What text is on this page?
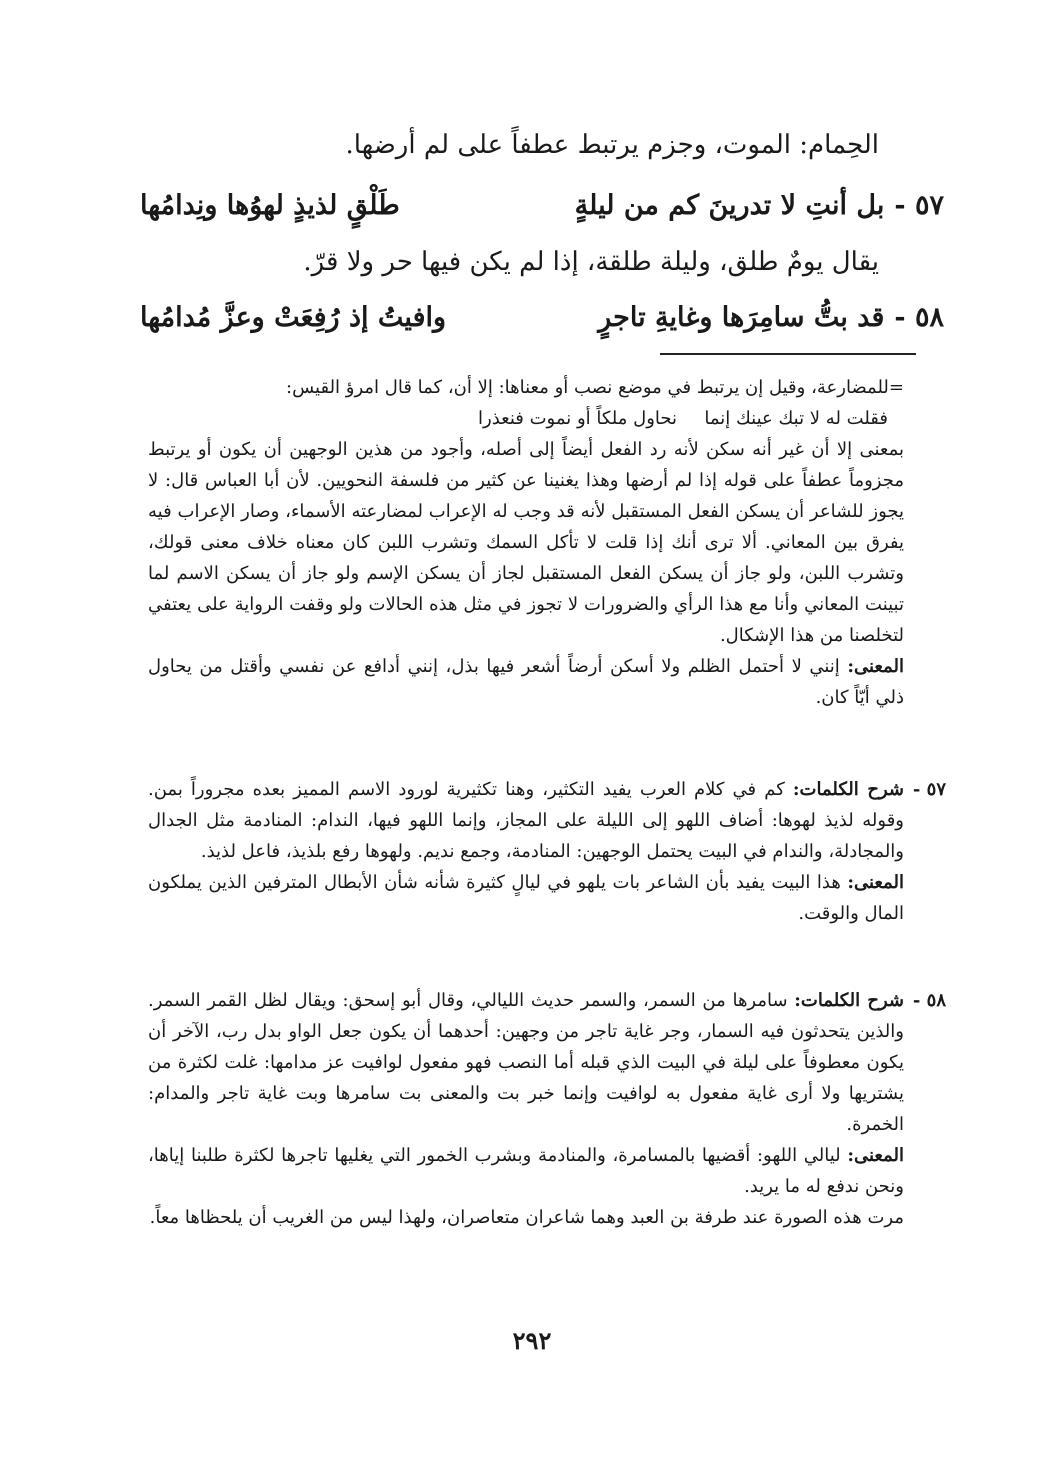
الحِمام: الموت، وجزم يرتبط عطفاً على لم أرضها.
٥٧ -بل أنتِ لا تدرينَ كم من ليلةٍ
طَلْقٍ لذيذٍ لهوُها ونِدامُها
يقال يومٌ طلق، وليلة طلقة، إذا لم يكن فيها حر ولا قرّ.
٥٨ -قد بتُّ سامِرَها وغايةِ تاجرٍ
وافيتُ إذ رُفِعَتْ وعزَّ مُدامُها

=للمضارعة، وقيل إن يرتبط في موضع نصب أو معناها: إلا أن، كما قال امرؤ القيس:

فقلت له لا تبك عينك إنما
نحاول ملكاً أو نموت فنعذرا

بمعنى إلا أن غير أنه سكن لأنه رد الفعل أيضاً إلى أصله، وأجود من هذين الوجهين أن يكون أو يرتبط مجزوماً عطفاً على قوله إذا لم أرضها وهذا يغنينا عن كثير من فلسفة النحويين. لأن أبا العباس قال: لا يجوز للشاعر أن يسكن الفعل المستقبل لأنه قد وجب له الإعراب لمضارعته الأسماء، وصار الإعراب فيه يفرق بين المعاني. ألا ترى أنك إذا قلت لا تأكل السمك وتشرب اللبن كان معناه خلاف معنى قولك، وتشرب اللبن، ولو جاز أن يسكن الفعل المستقبل لجاز أن يسكن الإسم ولو جاز أن يسكن الاسم لما تبينت المعاني وأنا مع هذا الرأي والضرورات لا تجوز في مثل هذه الحالات ولو وقفت الرواية على يعتفي لتخلصنا من هذا الإشكال.

المعنى: إنني لا أحتمل الظلم ولا أسكن أرضاً أشعر فيها بذل، إنني أدافع عن نفسي وأقتل من يحاول ذلي أيّاً كان.

٥٧ -

شرح الكلمات: كم في كلام العرب يفيد التكثير، وهنا تكثيرية لورود الاسم المميز بعده مجروراً بمن. وقوله لذيذ لهوها: أضاف اللهو إلى الليلة على المجاز، وإنما اللهو فيها، الندام: المنادمة مثل الجدال والمجادلة، والندام في البيت يحتمل الوجهين: المنادمة، وجمع نديم. ولهوها رفع بلذيذ، فاعل لذيذ.

المعنى: هذا البيت يفيد بأن الشاعر بات يلهو في ليالٍ كثيرة شأنه شأن الأبطال المترفين الذين يملكون المال والوقت.

٥٨ -

شرح الكلمات: سامرها من السمر، والسمر حديث الليالي، وقال أبو إسحق: ويقال لظل القمر السمر. والذين يتحدثون فيه السمار، وجر غاية تاجر من وجهين: أحدهما أن يكون جعل الواو بدل رب، الآخر أن يكون معطوفاً على ليلة في البيت الذي قبله أما النصب فهو مفعول لوافيت عز مدامها: غلت لكثرة من يشتريها ولا أرى غاية مفعول به لوافيت وإنما خبر بت والمعنى بت سامرها وبت غاية تاجر والمدام: الخمرة.

المعنى: ليالي اللهو: أقضيها بالمسامرة، والمنادمة وبشرب الخمور التي يغليها تاجرها لكثرة طلبنا إياها، ونحن ندفع له ما يريد.

مرت هذه الصورة عند طرفة بن العبد وهما شاعران متعاصران، ولهذا ليس من الغريب أن يلحظاها معاً.

٢٩٢
